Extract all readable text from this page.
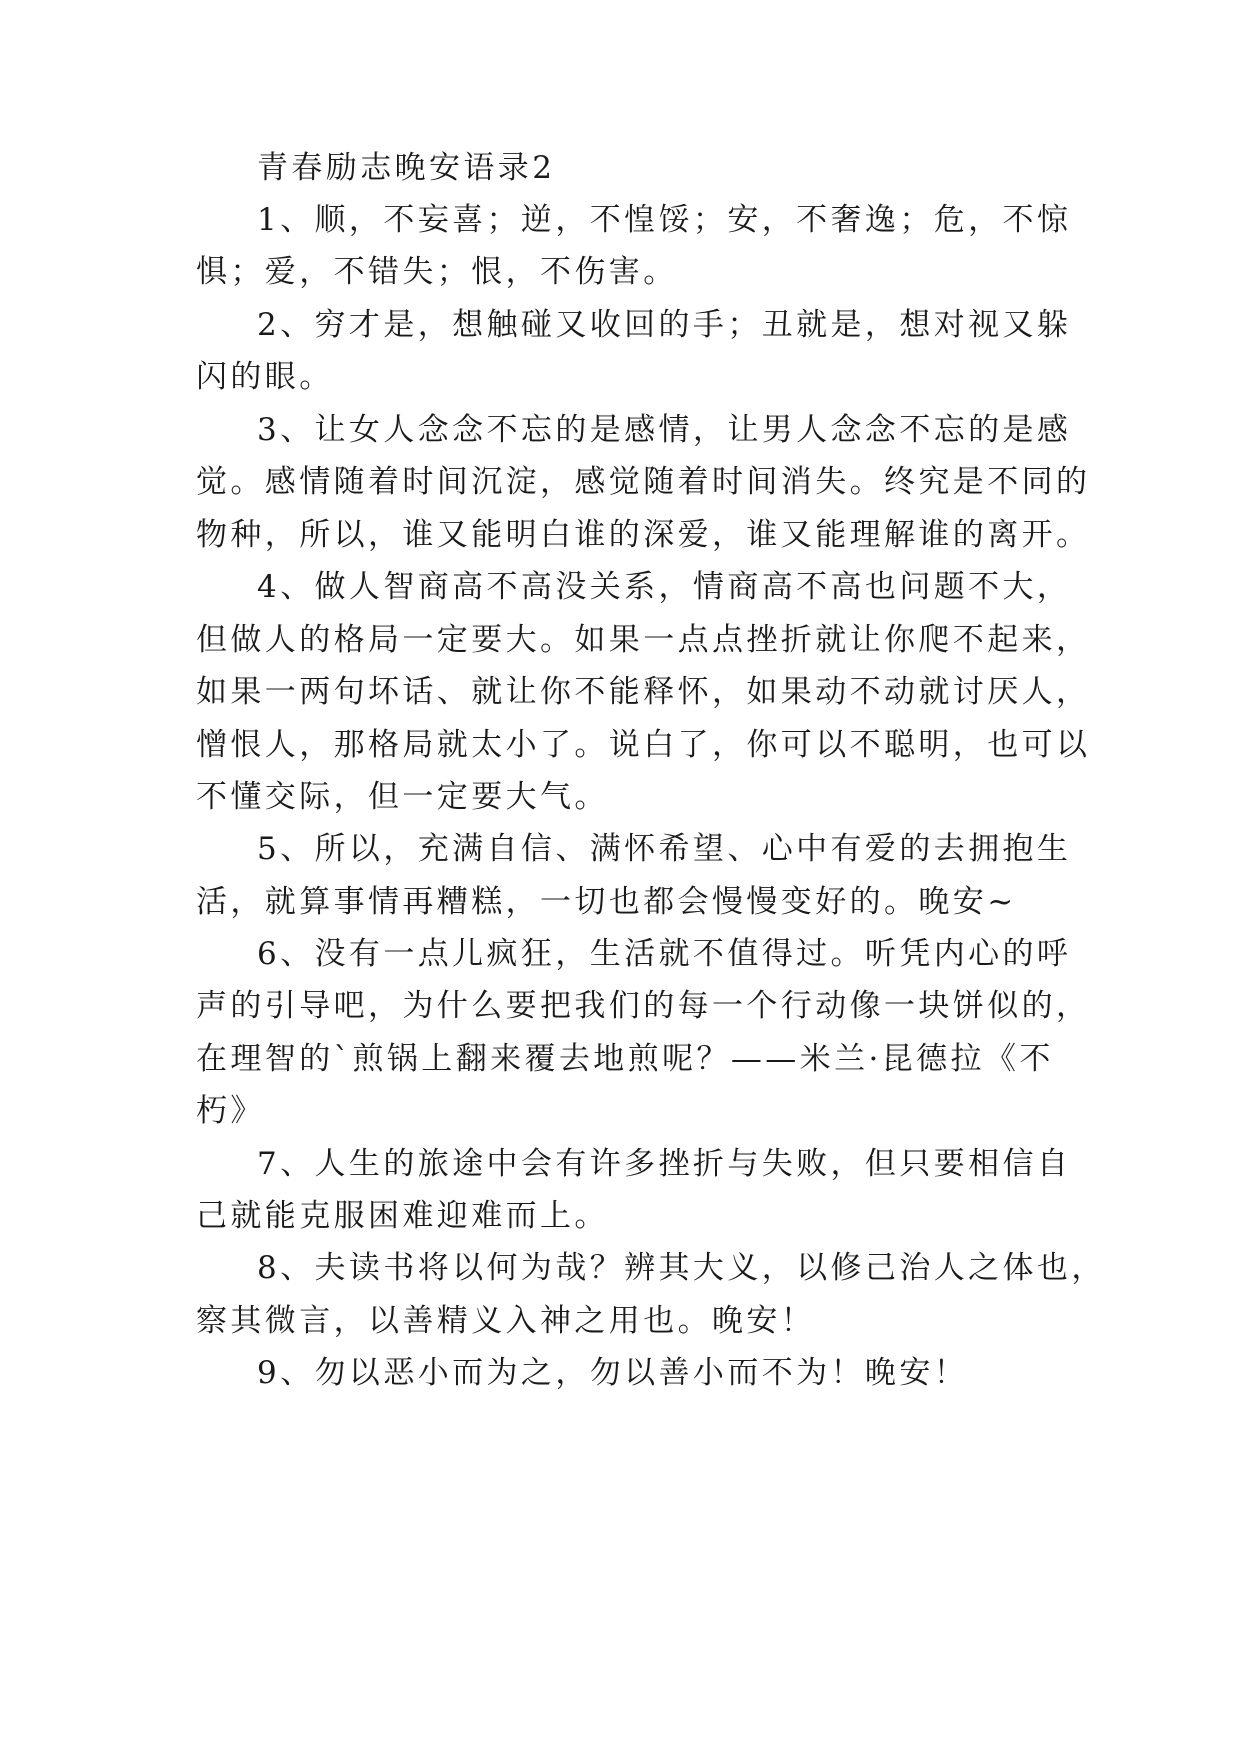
青春励志晚安语录2
1、顺，不妄喜；逆，不惶馁；安，不奢逸；危，不惊
惧；爱，不错失；恨，不伤害。
2、穷才是，想触碰又收回的手；丑就是，想对视又躲
闪的眼。
3、让女人念念不忘的是感情，让男人念念不忘的是感
觉。感情随着时间沉淀，感觉随着时间消失。终究是不同的
物种，所以，谁又能明白谁的深爱，谁又能理解谁的离开。
4、做人智商高不高没关系，情商高不高也问题不大，
但做人的格局一定要大。如果一点点挫折就让你爬不起来，
如果一两句坏话、就让你不能释怀，如果动不动就讨厌人，
憎恨人，那格局就太小了。说白了，你可以不聪明，也可以
不懂交际，但一定要大气。
5、所以，充满自信、满怀希望、心中有爱的去拥抱生
活，就算事情再糟糕，一切也都会慢慢变好的。晚安~
6、没有一点儿疯狂，生活就不值得过。听凭内心的呼
声的引导吧，为什么要把我们的每一个行动像一块饼似的，
在理智的`煎锅上翻来覆去地煎呢？——米兰·昆德拉《不
朽》
7、人生的旅途中会有许多挫折与失败，但只要相信自
己就能克服困难迎难而上。
8、夫读书将以何为哉？辨其大义，以修己治人之体也，
察其微言，以善精义入神之用也。晚安！
9、勿以恶小而为之，勿以善小而不为！晚安！
